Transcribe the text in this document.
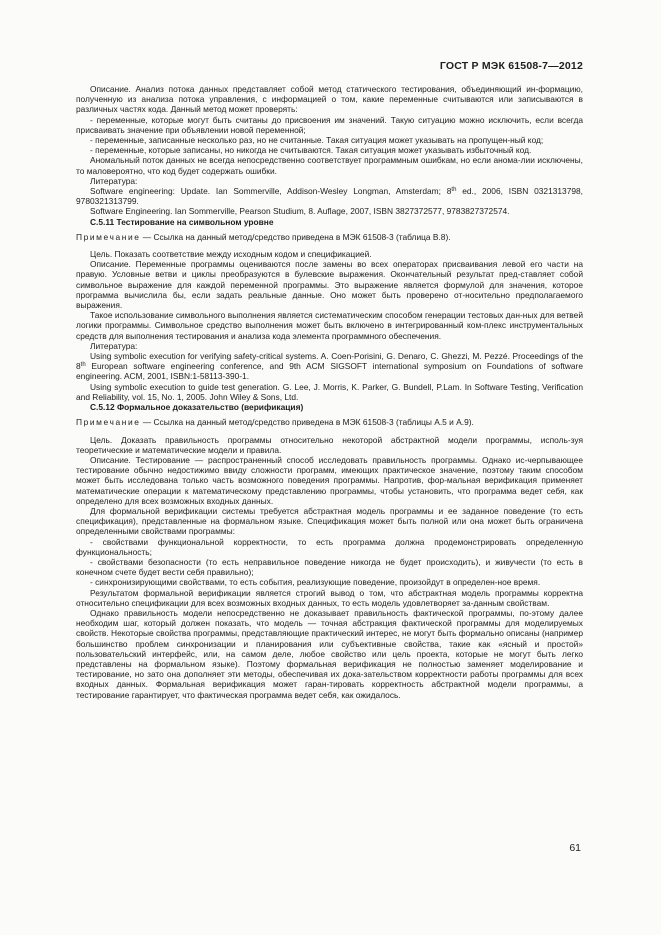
ГОСТ Р МЭК 61508-7—2012

Описание. Анализ потока данных представляет собой метод статического тестирования, объединяющий ин-формацию, полученную из анализа потока управления, с информацией о том, какие переменные считываются или записываются в различных частях кода. Данный метод может проверять:

- переменные, которые могут быть считаны до присвоения им значений. Такую ситуацию можно исключить, если всегда присваивать значение при объявлении новой переменной;

- переменные, записанные несколько раз, но не считанные. Такая ситуация может указывать на пропущен-ный код;

- переменные, которые записаны, но никогда не считываются. Такая ситуация может указывать избыточный код.

Аномальный поток данных не всегда непосредственно соответствует программным ошибкам, но если анома-лии исключены, то маловероятно, что код будет содержать ошибки.

Литература:

Software engineering: Update. Ian Sommerville, Addison-Wesley Longman, Amsterdam; 8th ed., 2006, ISBN 0321313798, 9780321313799.

Software Engineering. Ian Sommerville, Pearson Studium, 8. Auflage, 2007, ISBN 3827372577, 9783827372574.

C.5.11 Тестирование на символьном уровне

Примечание — Ссылка на данный метод/средство приведена в МЭК 61508-3 (таблица B.8).

Цель. Показать соответствие между исходным кодом и спецификацией.

Описание. Переменные программы оцениваются после замены во всех операторах присваивания левой его части на правую. Условные ветви и циклы преобразуются в булевские выражения. Окончательный результат пред-ставляет собой символьное выражение для каждой переменной программы. Это выражение является формулой для значения, которое программа вычислила бы, если задать реальные данные. Оно может быть проверено от-носительно предполагаемого выражения.

Такое использование символьного выполнения является систематическим способом генерации тестовых дан-ных для ветвей логики программы. Символьное средство выполнения может быть включено в интегрированный ком-плекс инструментальных средств для выполнения тестирования и анализа кода элемента программного обеспечения.

Литература:

Using symbolic execution for verifying safety-critical systems. A. Coen-Porisini, G. Denaro, C. Ghezzi, M. Pezzé. Proceedings of the 8th European software engineering conference, and 9th ACM SIGSOFT international symposium on Foundations of software engineering. ACM, 2001, ISBN:1-58113-390-1.

Using symbolic execution to guide test generation. G. Lee, J. Morris, K. Parker, G. Bundell, P.Lam. In Software Testing, Verification and Reliability, vol. 15, No. 1, 2005. John Wiley & Sons, Ltd.

C.5.12 Формальное доказательство (верификация)

Примечание — Ссылка на данный метод/средство приведена в МЭК 61508-3 (таблицы A.5 и A.9).

Цель. Доказать правильность программы относительно некоторой абстрактной модели программы, исполь-зуя теоретические и математические модели и правила.

Описание. Тестирование — распространенный способ исследовать правильность программы. Однако ис-черпывающее тестирование обычно недостижимо ввиду сложности программ, имеющих практическое значение, поэтому таким способом может быть исследована только часть возможного поведения программы. Напротив, фор-мальная верификация применяет математические операции к математическому представлению программы, чтобы установить, что программа ведет себя, как определено для всех возможных входных данных.

Для формальной верификации системы требуется абстрактная модель программы и ее заданное поведение (то есть спецификация), представленные на формальном языке. Спецификация может быть полной или она может быть ограничена определенными свойствами программы:

- свойствами функциональной корректности, то есть программа должна продемонстрировать определенную функциональность;

- свойствами безопасности (то есть неправильное поведение никогда не будет происходить), и живучести (то есть в конечном счете будет вести себя правильно);

- синхронизирующими свойствами, то есть события, реализующие поведение, произойдут в определен-ное время.

Результатом формальной верификации является строгий вывод о том, что абстрактная модель программы корректна относительно спецификации для всех возможных входных данных, то есть модель удовлетворяет за-данным свойствам.

Однако правильность модели непосредственно не доказывает правильность фактической программы, по-этому далее необходим шаг, который должен показать, что модель — точная абстракция фактической программы для моделируемых свойств. Некоторые свойства программы, представляющие практический интерес, не могут быть формально описаны (например большинство проблем синхронизации и планирования или субъективные свойства, такие как «ясный и простой» пользовательский интерфейс, или, на самом деле, любое свойство или цель проекта, которые не могут быть легко представлены на формальном языке). Поэтому формальная верификация не полностью заменяет моделирование и тестирование, но зато она дополняет эти методы, обеспечивая их дока-зательством корректности работы программы для всех входных данных. Формальная верификация может гаран-тировать корректность абстрактной модели программы, а тестирование гарантирует, что фактическая программа ведет себя, как ожидалось.

61
